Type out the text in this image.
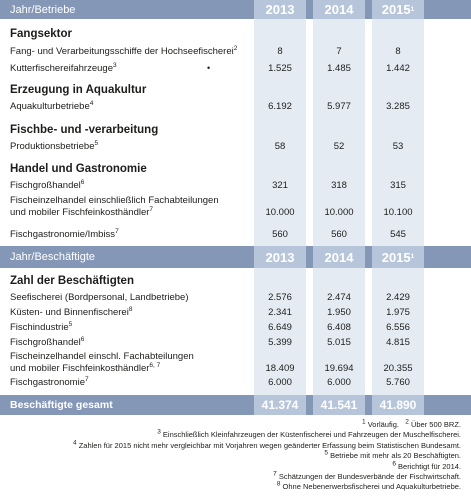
Jahr/Betriebe	2013	2014	2015 1
Fangsektor
Fang- und Verarbeitungsschiffe der Hochseefischerei$^2$	8	7	8
Kutterfischereifahrzeuge$^3$	•	1.525	1.485	1.442
Erzeugung in Aquakultur
Aquakulturbetriebe$^4$	6.192	5.977	3.285
Fischbe- und -verarbeitung
Produktionsbetriebe$^5$	58	52	53
Handel und Gastronomie
Fischgroßhandel$^6$	321	318	315
Fischeinzelhandel einschließlich Fachabteilungen
und mobiler Fischfeinkosthändler$^7$	10.000	10.000	10.100
Fischgastronomie/Imbiss$^7$	560	560	545
Jahr/Beschäftigte	2013	2014	2015 1
Zahl der Beschäftigten
Seefischerei (Bordpersonal, Landbetriebe)	2.576	2.474	2.429
Küsten- und Binnenfischerei$^8$	2.341	1.950	1.975
Fischindustrie$^5$	6.649	6.408	6.556
Fischgroßhandel$^6$	5.399	5.015	4.815
Fischeinzelhandel einschl. Fachabteilungen
und mobiler Fischfeinkosthändler$^{6, 7}$	18.409	19.694	20.355
Fischgastronomie$^7$	6.000	6.000	5.760
Beschäftigte gesamt	41.374	41.541	41.890
1 Vorläufig. 2 Über 500 BRZ.
3 Einschließlich Kleinfahrzeugen der Küstenfischerei und Fahrzeugen der Muschelfischerei.
4 Zahlen für 2015 nicht mehr vergleichbar mit Vorjahren wegen geänderter Erfassung beim Statistischen Bundesamt.
5 Betriebe mit mehr als 20 Beschäftigten.
6 Berichtigt für 2014.
7 Schätzungen der Bundesverbände der Fischwirtschaft.
8 Ohne Nebenerwerbsfischerei und Aquakulturbetriebe.
